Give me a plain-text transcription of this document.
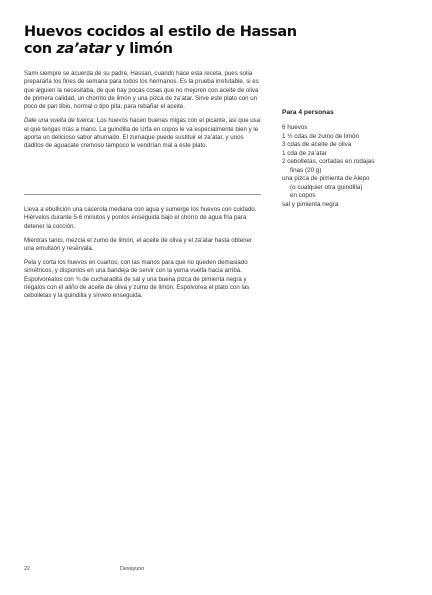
Huevos cocidos al estilo de Hassan
con za’atar y limón

Sami siempre se acuerda de su padre, Hassan, cuando hace esta receta, pues solía prepararla los fines de semana para todos los hermanos. Es la prueba irrefutable, si es que alguien la necesitaba, de que hay pocas cosas que no mejoren con aceite de oliva de primera calidad, un chorrito de limón y una pizca de za’atar. Sirve este plato con un poco de pan tibio, normal o tipo pita, para rebañar el aceite.

Dale una vuelta de tuerca: Los huevos hacen buenas migas con el picante, así que usa el que tengas más a mano. La guindilla de Urfa en copos le va especialmente bien y le aporta un delicioso sabor ahumado. El zumaque puede sustituir el za’atar, y unos daditos de aguacate cremoso tampoco le vendrían mal a este plato.

Lleva a ebullición una cacerola mediana con agua y sumerge los huevos con cuidado. Hiérvelos durante 5-6 minutos y ponlos enseguida bajo el chorro de agua fría para detener la cocción.

Mientras tanto, mezcla el zumo de limón, el aceite de oliva y el za’atar hasta obtener una emulsión y resérvala.

Pela y corta los huevos en cuartos, con las manos para que no queden demasiado simétricos, y disponlos en una bandeja de servir con la yema vuelta hacia arriba. Espolvoréalos con ¾ de cucharadita de sal y una buena pizca de pimienta negra y riégalos con el aliño de aceite de oliva y zumo de limón. Espolvorea el plato con las cebolletas y la guindilla y sírvelo enseguida.

Para 4 personas
6 huevos
1 ½ cdas de zumo de limón
3 cdas de aceite de oliva
1 cda de za’atar
2 cebolletas, cortadas en rodajas
finas (20 g)
una pizca de pimienta de Alepo
(o cualquier otra guindilla)
en copos
sal y pimienta negra
22	Desayuno
